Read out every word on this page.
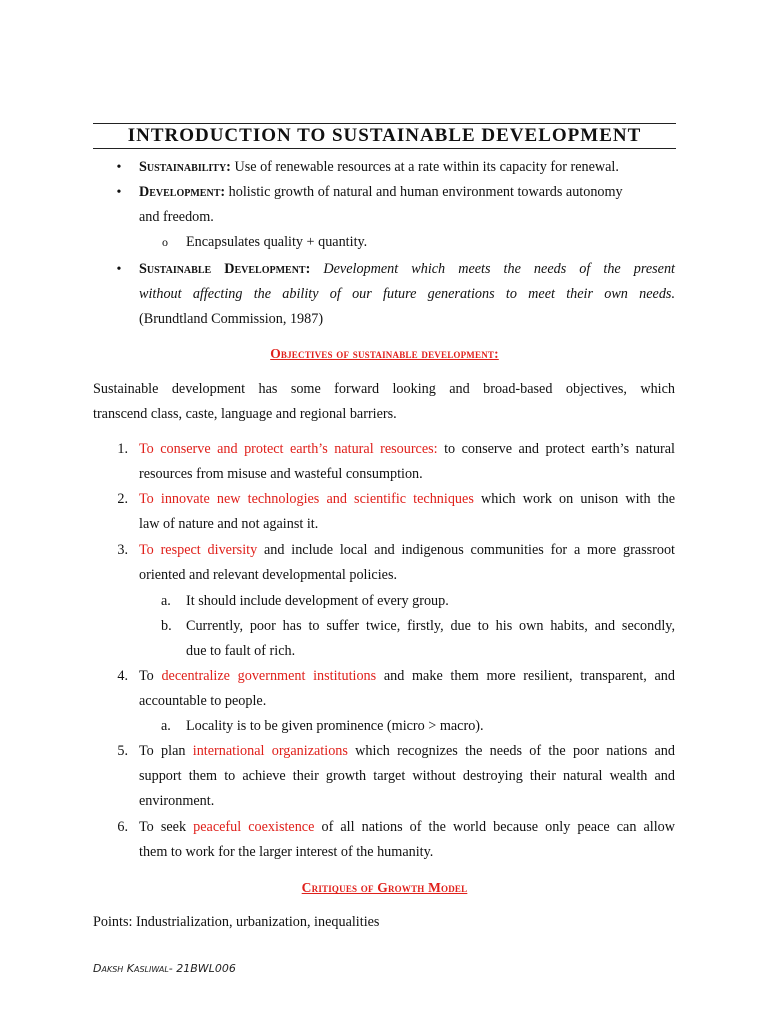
INTRODUCTION TO SUSTAINABLE DEVELOPMENT
• Sustainability: Use of renewable resources at a rate within its capacity for renewal.
• Development: holistic growth of natural and human environment towards autonomy
and freedom.
o Encapsulates quality + quantity.
• Sustainable Development: Development which meets the needs of the present
without affecting the ability of our future generations to meet their own needs.
(Brundtland Commission, 1987)
Objectives of sustainable development:
Sustainable development has some forward looking and broad-based objectives, which
transcend class, caste, language and regional barriers.
1. To conserve and protect earth’s natural resources: to conserve and protect earth’s natural
resources from misuse and wasteful consumption.
2. To innovate new technologies and scientific techniques which work on unison with the
law of nature and not against it.
3. To respect diversity and include local and indigenous communities for a more grassroot
oriented and relevant developmental policies.
a. It should include development of every group.
b. Currently, poor has to suffer twice, firstly, due to his own habits, and secondly,
due to fault of rich.
4. To decentralize government institutions and make them more resilient, transparent, and
accountable to people.
a. Locality is to be given prominence (micro > macro).
5. To plan international organizations which recognizes the needs of the poor nations and
support them to achieve their growth target without destroying their natural wealth and
environment.
6. To seek peaceful coexistence of all nations of the world because only peace can allow
them to work for the larger interest of the humanity.
Critiques of Growth Model
Points: Industrialization, urbanization, inequalities
Daksh Kasliwal- 21BWL006
